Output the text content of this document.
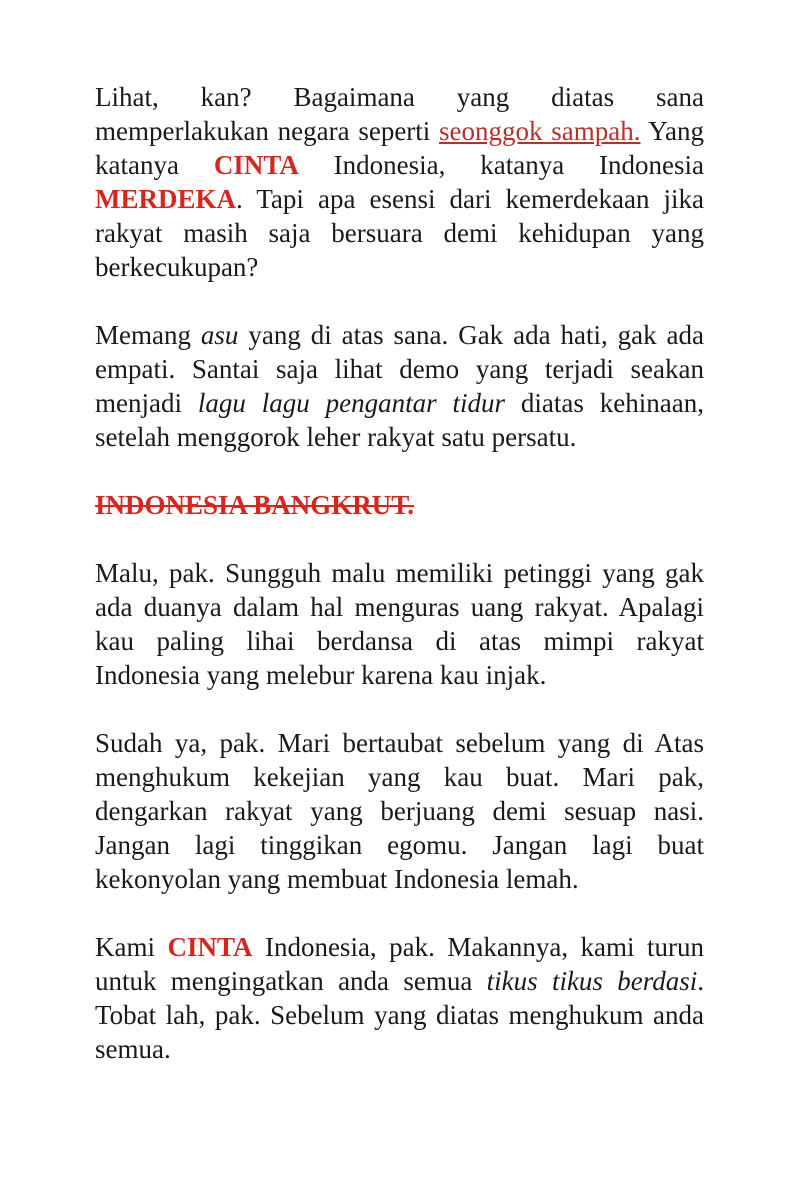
Lihat, kan? Bagaimana yang diatas sana memperlakukan negara seperti seonggok sampah. Yang katanya CINTA Indonesia, katanya Indonesia MERDEKA. Tapi apa esensi dari kemerdekaan jika rakyat masih saja bersuara demi kehidupan yang berkecukupan?

Memang asu yang di atas sana. Gak ada hati, gak ada empati. Santai saja lihat demo yang terjadi seakan menjadi lagu lagu pengantar tidur diatas kehinaan, setelah menggorok leher rakyat satu persatu.

INDONESIA BANGKRUT.

Malu, pak. Sungguh malu memiliki petinggi yang gak ada duanya dalam hal menguras uang rakyat. Apalagi kau paling lihai berdansa di atas mimpi rakyat Indonesia yang melebur karena kau injak.

Sudah ya, pak. Mari bertaubat sebelum yang di Atas menghukum kekejian yang kau buat. Mari pak, dengarkan rakyat yang berjuang demi sesuap nasi. Jangan lagi tinggikan egomu. Jangan lagi buat kekonyolan yang membuat Indonesia lemah.

Kami CINTA Indonesia, pak. Makannya, kami turun untuk mengingatkan anda semua tikus tikus berdasi. Tobat lah, pak. Sebelum yang diatas menghukum anda semua.
